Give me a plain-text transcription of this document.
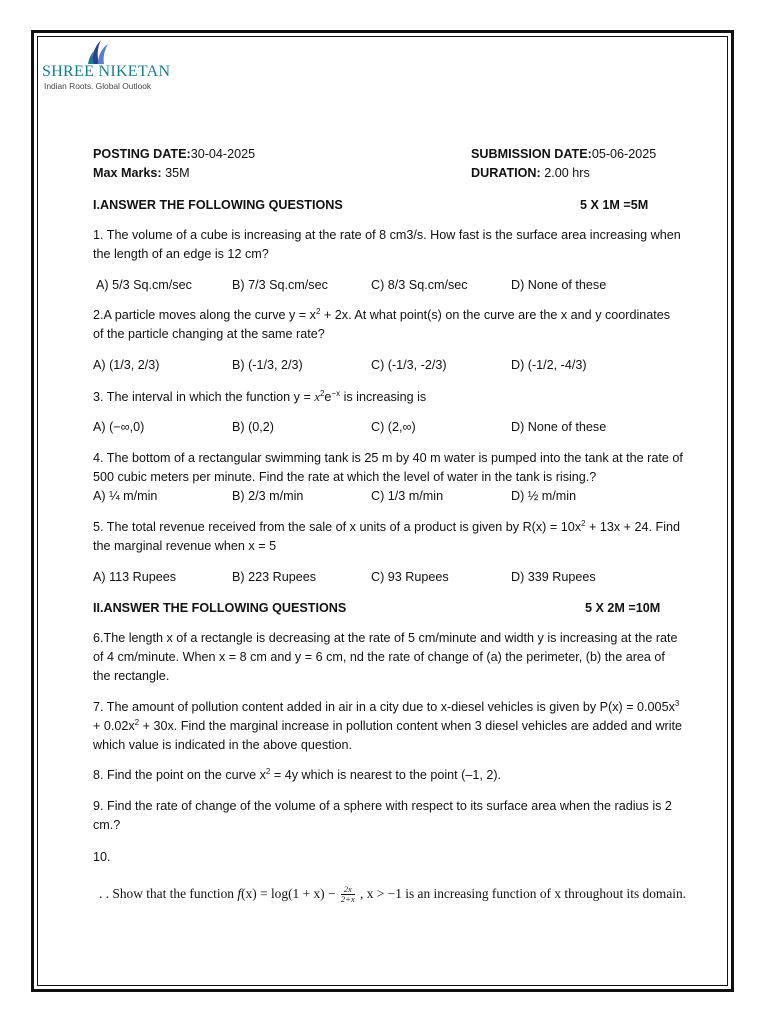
SHREE NIKETAN
Indian Roots. Global Outlook
POSTING DATE:30-04-2025	SUBMISSION DATE:05-06-2025
Max Marks: 35M	DURATION: 2.00 hrs
I.ANSWER THE FOLLOWING QUESTIONS	5 X 1M =5M
1. The volume of a cube is increasing at the rate of 8 cm3/s. How fast is the surface area increasing when the length of an edge is 12 cm?
A) 5/3 Sq.cm/sec	B) 7/3 Sq.cm/sec	C) 8/3 Sq.cm/sec	D) None of these
2.A particle moves along the curve $y = x^2 + 2x$. At what point(s) on the curve are the x and y coordinates of the particle changing at the same rate?
A) (1/3, 2/3)	B) (-1/3, 2/3)	C) (-1/3, -2/3)	D) (-1/2, -4/3)
3. The interval in which the function $y = x^2e^{-x}$ is increasing is
A) (−∞,0)	B) (0,2)	C) (2,∞)	D) None of these
4. The bottom of a rectangular swimming tank is 25 m by 40 m water is pumped into the tank at the rate of 500 cubic meters per minute. Find the rate at which the level of water in the tank is rising.?
A) ¼ m/min	B) 2/3 m/min	C) 1/3 m/min	D) ½ m/min
5. The total revenue received from the sale of x units of a product is given by $R(x) = 10x^2 + 13x + 24$. Find the marginal revenue when x = 5
A) 113 Rupees	B) 223 Rupees	C) 93 Rupees	D) 339 Rupees
II.ANSWER THE FOLLOWING QUESTIONS	5 X 2M =10M
6.The length x of a rectangle is decreasing at the rate of 5 cm/minute and width y is increasing at the rate of 4 cm/minute. When x = 8 cm and y = 6 cm, nd the rate of change of (a) the perimeter, (b) the area of the rectangle.
7. The amount of pollution content added in air in a city due to x-diesel vehicles is given by $P(x) = 0.005x^3 + 0.02x^2 + 30x$. Find the marginal increase in pollution content when 3 diesel vehicles are added and write which value is indicated in the above question.
8. Find the point on the curve $x^2 = 4y$ which is nearest to the point (–1, 2).
9. Find the rate of change of the volume of a sphere with respect to its surface area when the radius is 2 cm.?
10.
. . Show that the function $f(x) = \log(1 + x) - \frac{2x}{2+x}$ , x > −1 is an increasing function of x throughout its domain.
